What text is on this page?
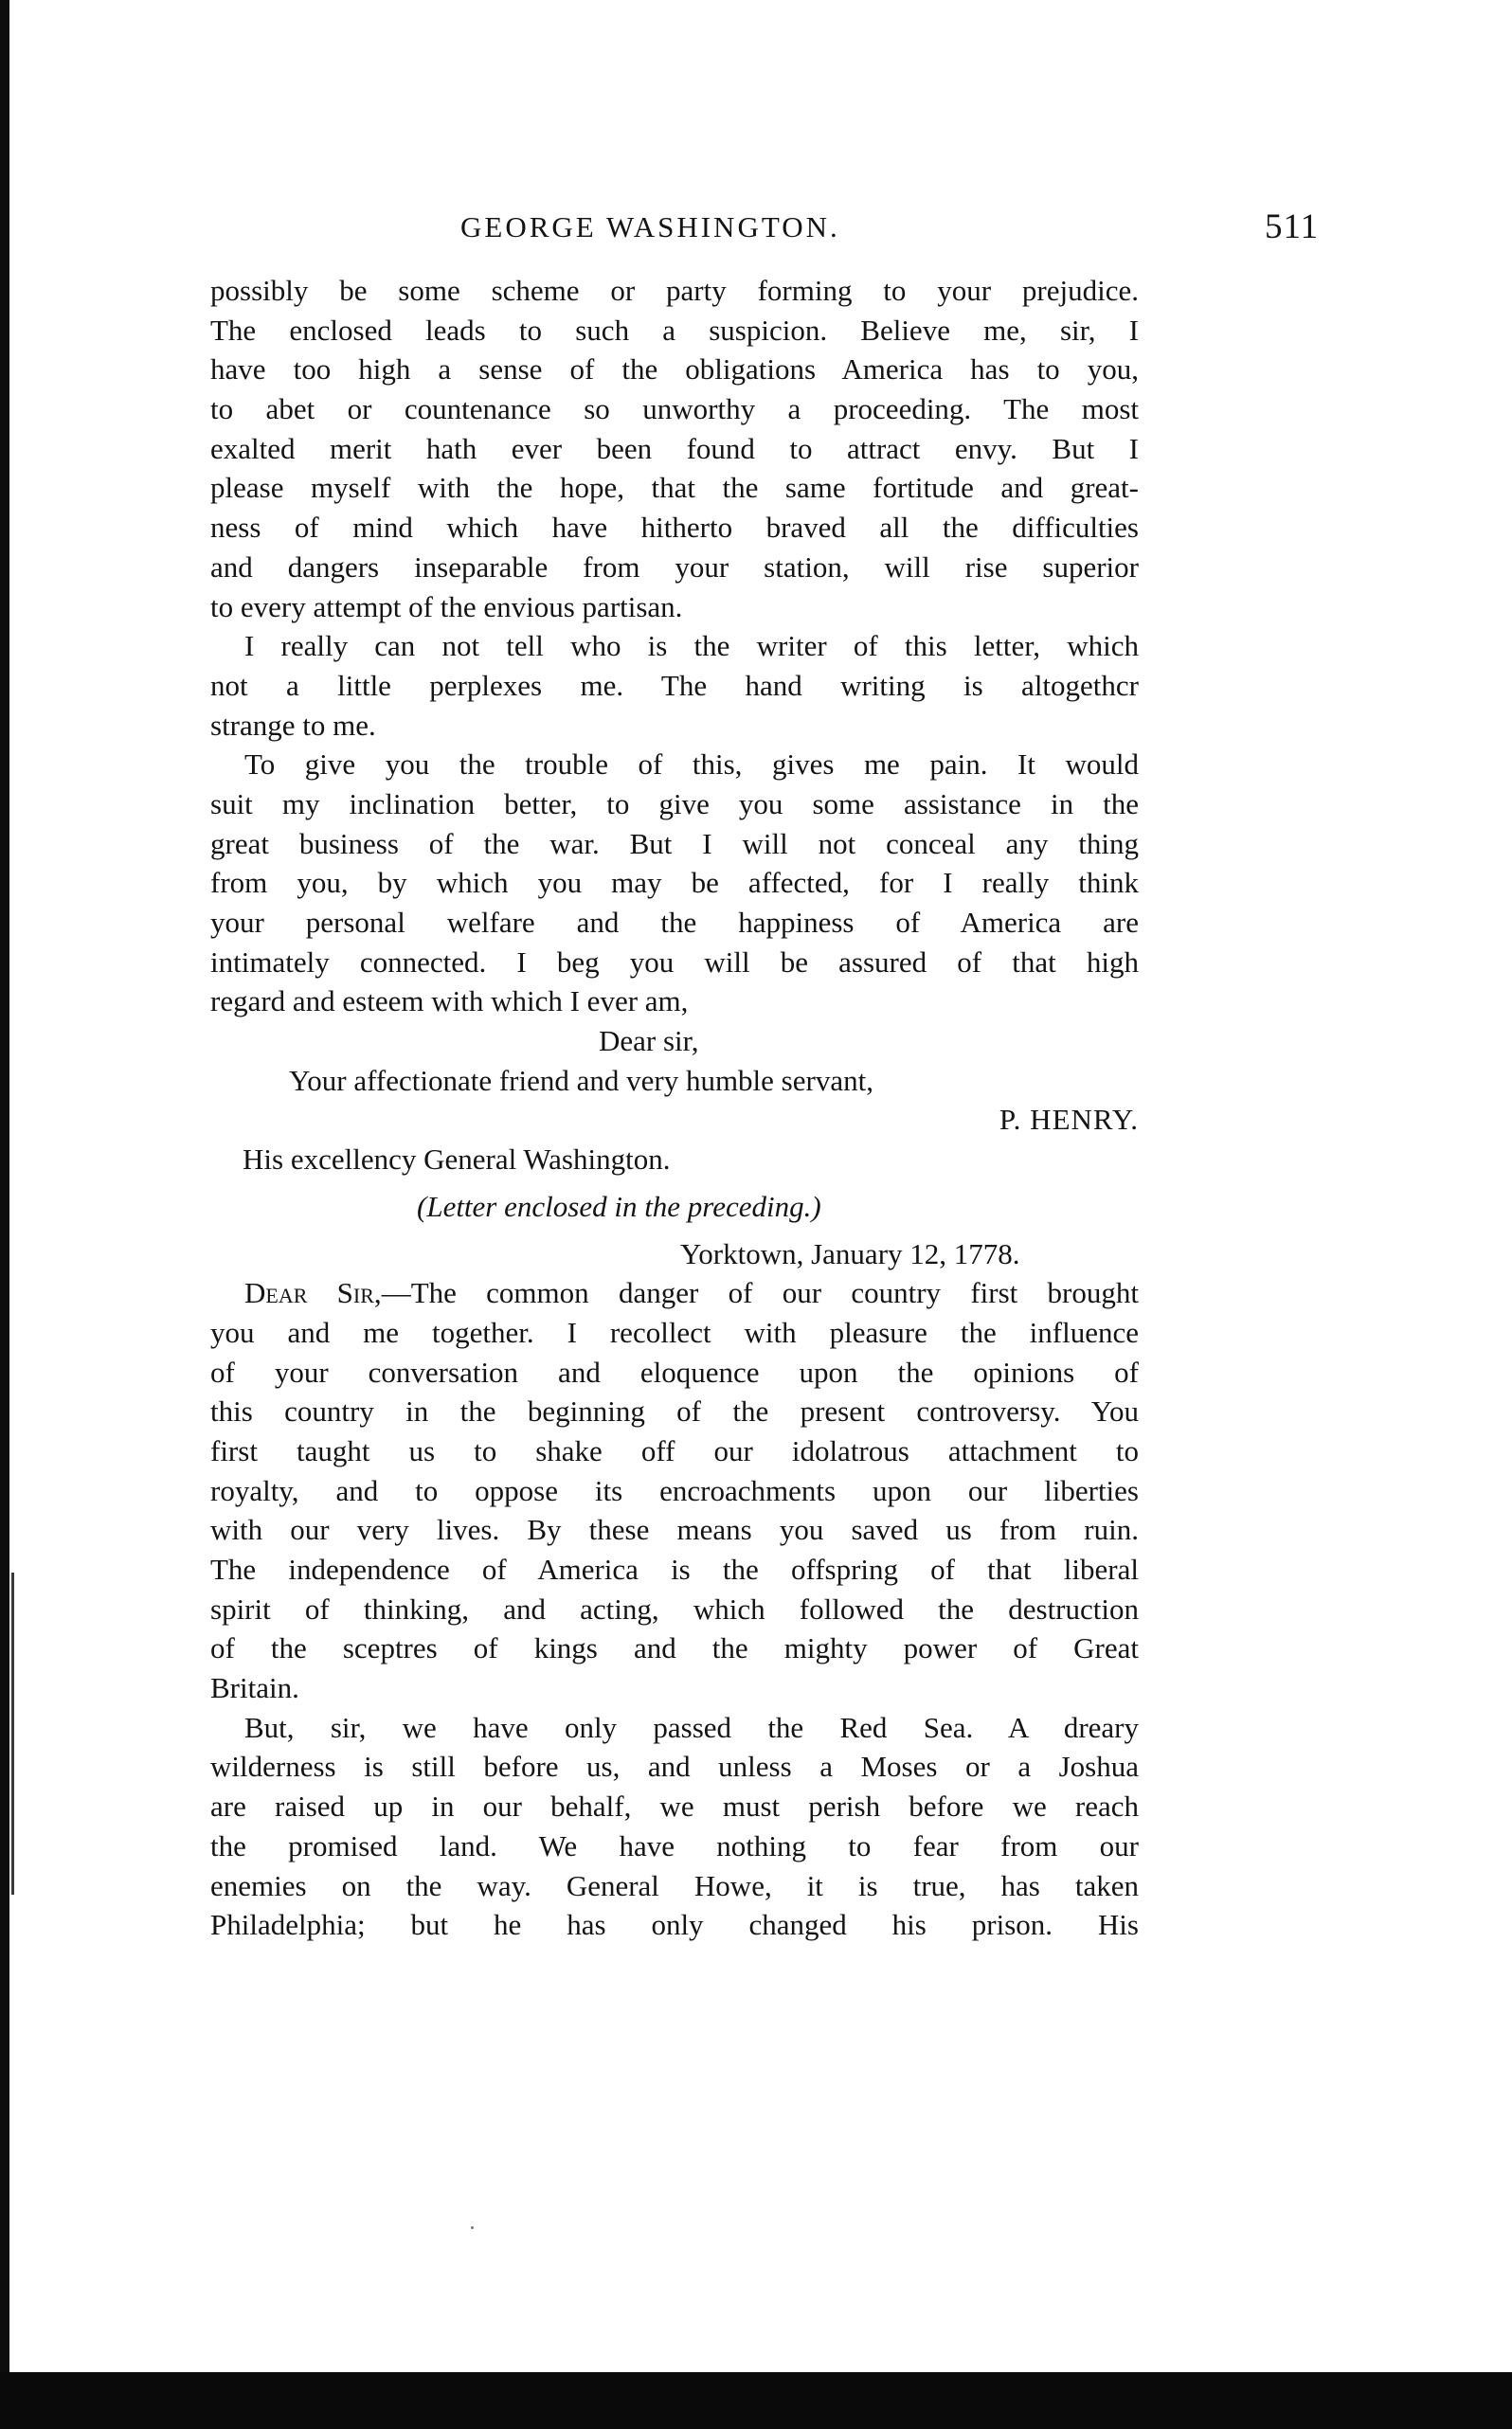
GEORGE WASHINGTON.	511
possibly be some scheme or party forming to your prejudice.
The enclosed leads to such a suspicion. Believe me, sir, I
have too high a sense of the obligations America has to you,
to abet or countenance so unworthy a proceeding. The most
exalted merit hath ever been found to attract envy. But I
please myself with the hope, that the same fortitude and great-
ness of mind which have hitherto braved all the difficulties
and dangers inseparable from your station, will rise superior
to every attempt of the envious partisan.
I really can not tell who is the writer of this letter, which
not a little perplexes me. The hand writing is altogethcr
strange to me.
To give you the trouble of this, gives me pain. It would
suit my inclination better, to give you some assistance in the
great business of the war. But I will not conceal any thing
from you, by which you may be affected, for I really think
your personal welfare and the happiness of America are
intimately connected. I beg you will be assured of that high
regard and esteem with which I ever am,
Dear sir,
Your affectionate friend and very humble servant,
P. HENRY.
His excellency General Washington.
(Letter enclosed in the preceding.)
Yorktown, January 12, 1778.
Dear Sir,—The common danger of our country first brought
you and me together. I recollect with pleasure the influence
of your conversation and eloquence upon the opinions of
this country in the beginning of the present controversy. You
first taught us to shake off our idolatrous attachment to
royalty, and to oppose its encroachments upon our liberties
with our very lives. By these means you saved us from ruin.
The independence of America is the offspring of that liberal
spirit of thinking, and acting, which followed the destruction
of the sceptres of kings and the mighty power of Great
Britain.
But, sir, we have only passed the Red Sea. A dreary
wilderness is still before us, and unless a Moses or a Joshua
are raised up in our behalf, we must perish before we reach
the promised land. We have nothing to fear from our
enemies on the way. General Howe, it is true, has taken
Philadelphia; but he has only changed his prison. His
